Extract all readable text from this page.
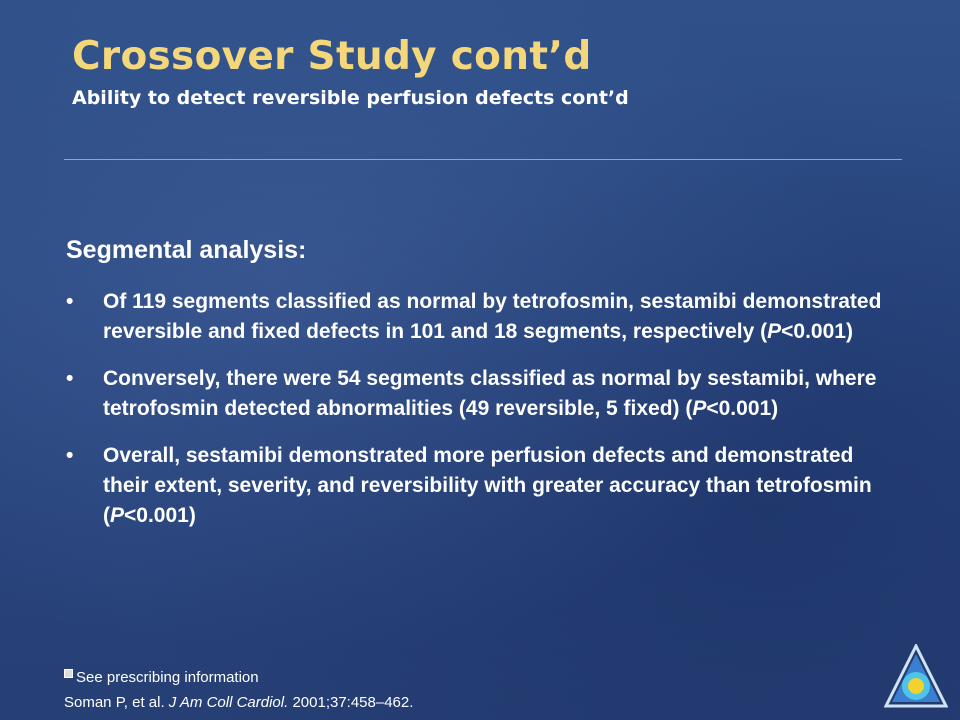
Crossover Study cont’d
Ability to detect reversible perfusion defects cont’d
Segmental analysis:
•	Of 119 segments classified as normal by tetrofosmin, sestamibi demonstrated reversible and fixed defects in 101 and 18 segments, respectively (P<0.001)
•	Conversely, there were 54 segments classified as normal by sestamibi, where tetrofosmin detected abnormalities (49 reversible, 5 fixed) (P<0.001)
•	Overall, sestamibi demonstrated more perfusion defects and demonstrated their extent, severity, and reversibility with greater accuracy than tetrofosmin (P<0.001)
See prescribing information
Soman P, et al. J Am Coll Cardiol. 2001;37:458–462.
